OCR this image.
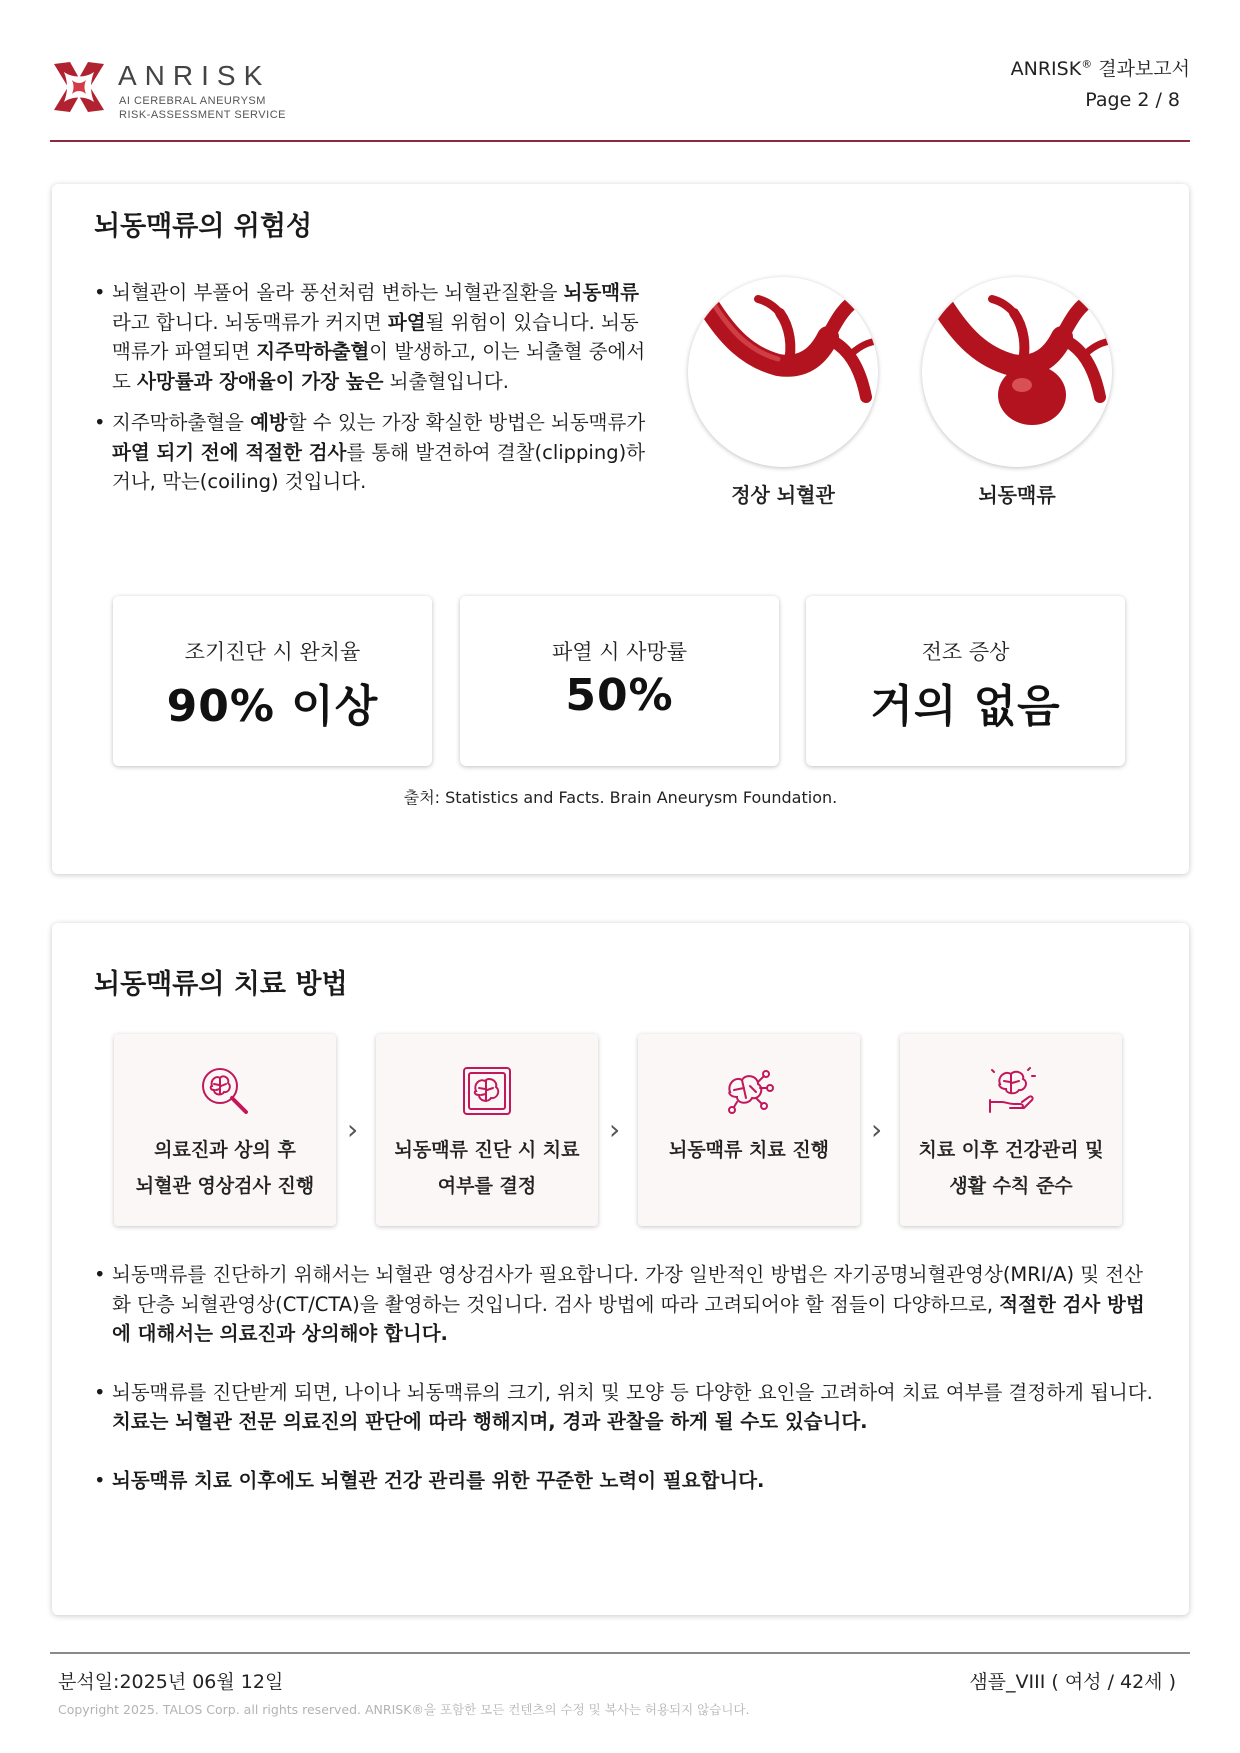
ANRISK
AI CEREBRAL ANEURYSM
RISK-ASSESSMENT SERVICE
ANRISK® 결과보고서
Page 2 / 8
뇌동맥류의 위험성
• 뇌혈관이 부풀어 올라 풍선처럼 변하는 뇌혈관질환을 뇌동맥류라고 합니다. 뇌동맥류가 커지면 파열될 위험이 있습니다. 뇌동맥류가 파열되면 지주막하출혈이 발생하고, 이는 뇌출혈 중에서도 사망률과 장애율이 가장 높은 뇌출혈입니다.
• 지주막하출혈을 예방할 수 있는 가장 확실한 방법은 뇌동맥류가 파열 되기 전에 적절한 검사를 통해 발견하여 결찰(clipping)하거나, 막는(coiling) 것입니다.
정상 뇌혈관	뇌동맥류
조기진단 시 완치율
90% 이상
파열 시 사망률
50%
전조 증상
거의 없음
출처: Statistics and Facts. Brain Aneurysm Foundation.
뇌동맥류의 치료 방법
의료진과 상의 후
뇌혈관 영상검사 진행
›
뇌동맥류 진단 시 치료
여부를 결정
›
뇌동맥류 치료 진행
›
치료 이후 건강관리 및
생활 수칙 준수
• 뇌동맥류를 진단하기 위해서는 뇌혈관 영상검사가 필요합니다. 가장 일반적인 방법은 자기공명뇌혈관영상(MRI/A) 및 전산화 단층 뇌혈관영상(CT/CTA)을 촬영하는 것입니다. 검사 방법에 따라 고려되어야 할 점들이 다양하므로, 적절한 검사 방법에 대해서는 의료진과 상의해야 합니다.
• 뇌동맥류를 진단받게 되면, 나이나 뇌동맥류의 크기, 위치 및 모양 등 다양한 요인을 고려하여 치료 여부를 결정하게 됩니다. 치료는 뇌혈관 전문 의료진의 판단에 따라 행해지며, 경과 관찰을 하게 될 수도 있습니다.
• 뇌동맥류 치료 이후에도 뇌혈관 건강 관리를 위한 꾸준한 노력이 필요합니다.
분석일:2025년 06월 12일	샘플_VIII ( 여성 / 42세 )
Copyright 2025. TALOS Corp. all rights reserved. ANRISK®을 포함한 모든 컨텐츠의 수정 및 복사는 허용되지 않습니다.
